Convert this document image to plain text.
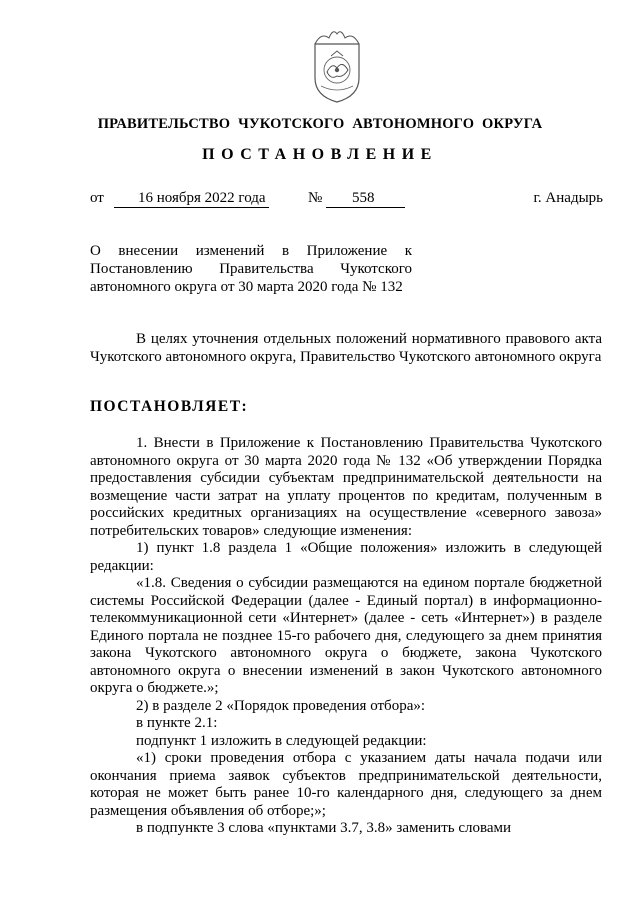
ПРАВИТЕЛЬСТВО ЧУКОТСКОГО АВТОНОМНОГО ОКРУГА
ПОСТАНОВЛЕНИЕ
от	16 ноября 2022 года	№	558	г. Анадырь
О внесении изменений в Приложение к
Постановлению Правительства Чукотского
автономного округа от 30 марта 2020 года № 132

В целях уточнения отдельных положений нормативного правового акта Чукотского автономного округа, Правительство Чукотского автономного округа

ПОСТАНОВЛЯЕТ:

1. Внести в Приложение к Постановлению Правительства Чукотского автономного округа от 30 марта 2020 года № 132 «Об утверждении Порядка предоставления субсидии субъектам предпринимательской деятельности на возмещение части затрат на уплату процентов по кредитам, полученным в российских кредитных организациях на осуществление «северного завоза» потребительских товаров» следующие изменения:

1) пункт 1.8 раздела 1 «Общие положения» изложить в следующей редакции:

«1.8. Сведения о субсидии размещаются на едином портале бюджетной системы Российской Федерации (далее - Единый портал) в информационно-телекоммуникационной сети «Интернет» (далее - сеть «Интернет») в разделе Единого портала не позднее 15-го рабочего дня, следующего за днем принятия закона Чукотского автономного округа о бюджете, закона Чукотского автономного округа о внесении изменений в закон Чукотского автономного округа о бюджете.»;

2) в разделе 2 «Порядок проведения отбора»:

в пункте 2.1:

подпункт 1 изложить в следующей редакции:

«1) сроки проведения отбора с указанием даты начала подачи или окончания приема заявок субъектов предпринимательской деятельности, которая не может быть ранее 10-го календарного дня, следующего за днем размещения объявления об отборе;»;

в подпункте 3 слова «пунктами 3.7, 3.8» заменить словами
